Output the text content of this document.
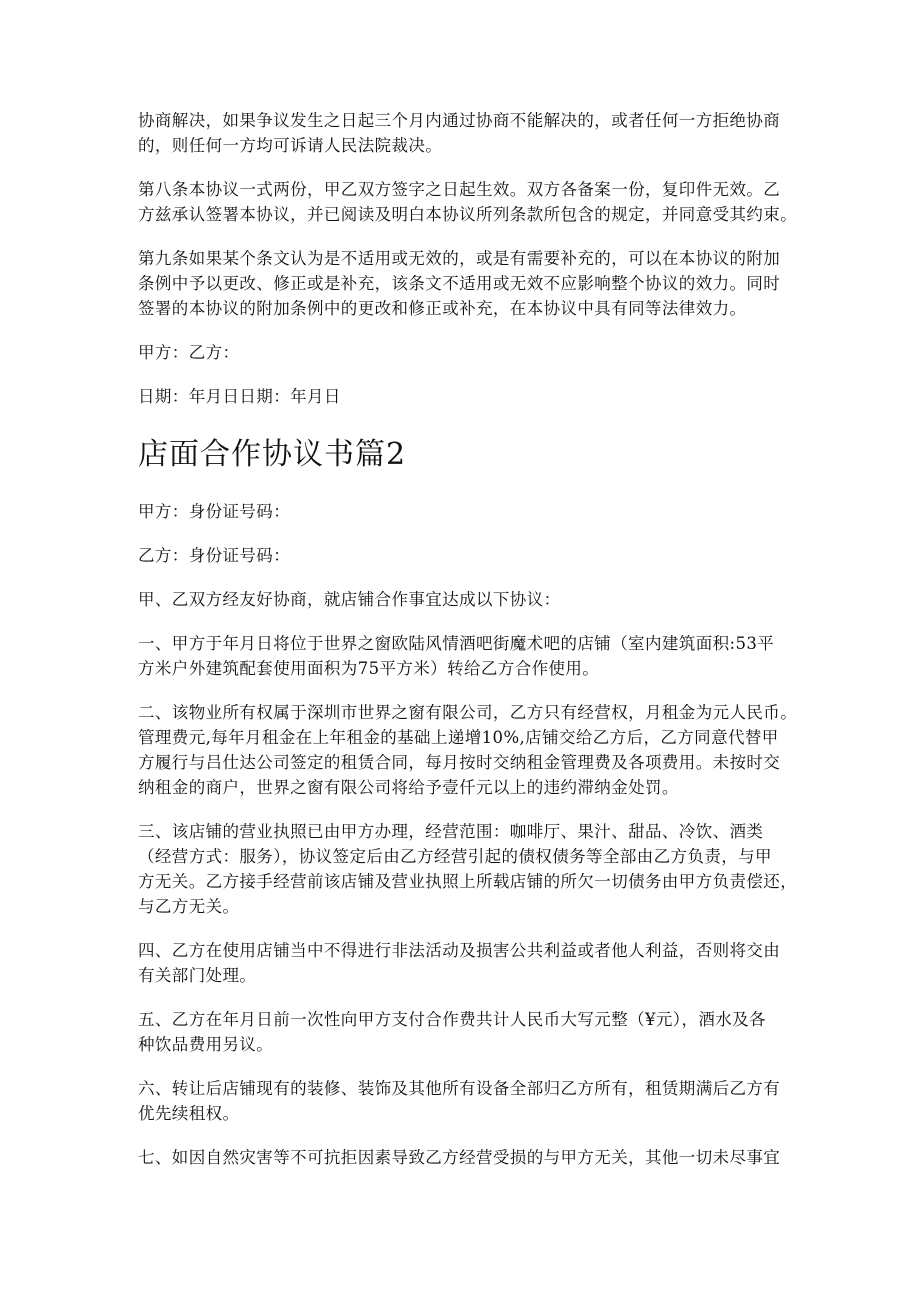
协商解决，如果争议发生之日起三个月内通过协商不能解决的，或者任何一方拒绝协商
的，则任何一方均可诉请人民法院裁决。

第八条本协议一式两份，甲乙双方签字之日起生效。双方各备案一份，复印件无效。乙
方兹承认签署本协议，并已阅读及明白本协议所列条款所包含的规定，并同意受其约束。

第九条如果某个条文认为是不适用或无效的，或是有需要补充的，可以在本协议的附加
条例中予以更改、修正或是补充，该条文不适用或无效不应影响整个协议的效力。同时
签署的本协议的附加条例中的更改和修正或补充，在本协议中具有同等法律效力。

甲方：乙方：

日期：年月日日期：年月日

店面合作协议书篇2

甲方：身份证号码：

乙方：身份证号码：

甲、乙双方经友好协商，就店铺合作事宜达成以下协议：

一、甲方于年月日将位于世界之窗欧陆风情酒吧街魔术吧的店铺（室内建筑面积:53平
方米户外建筑配套使用面积为75平方米）转给乙方合作使用。

二、该物业所有权属于深圳市世界之窗有限公司，乙方只有经营权，月租金为元人民币。
管理费元,每年月租金在上年租金的基础上递增10%,店铺交给乙方后，乙方同意代替甲
方履行与吕仕达公司签定的租赁合同，每月按时交纳租金管理费及各项费用。未按时交
纳租金的商户，世界之窗有限公司将给予壹仟元以上的违约滞纳金处罚。

三、该店铺的营业执照已由甲方办理，经营范围：咖啡厅、果汁、甜品、冷饮、酒类
（经营方式：服务），协议签定后由乙方经营引起的债权债务等全部由乙方负责，与甲
方无关。乙方接手经营前该店铺及营业执照上所载店铺的所欠一切债务由甲方负责偿还，
与乙方无关。

四、乙方在使用店铺当中不得进行非法活动及损害公共利益或者他人利益，否则将交由
有关部门处理。

五、乙方在年月日前一次性向甲方支付合作费共计人民币大写元整（¥元），酒水及各
种饮品费用另议。

六、转让后店铺现有的装修、装饰及其他所有设备全部归乙方所有，租赁期满后乙方有
优先续租权。

七、如因自然灾害等不可抗拒因素导致乙方经营受损的与甲方无关，其他一切未尽事宜
